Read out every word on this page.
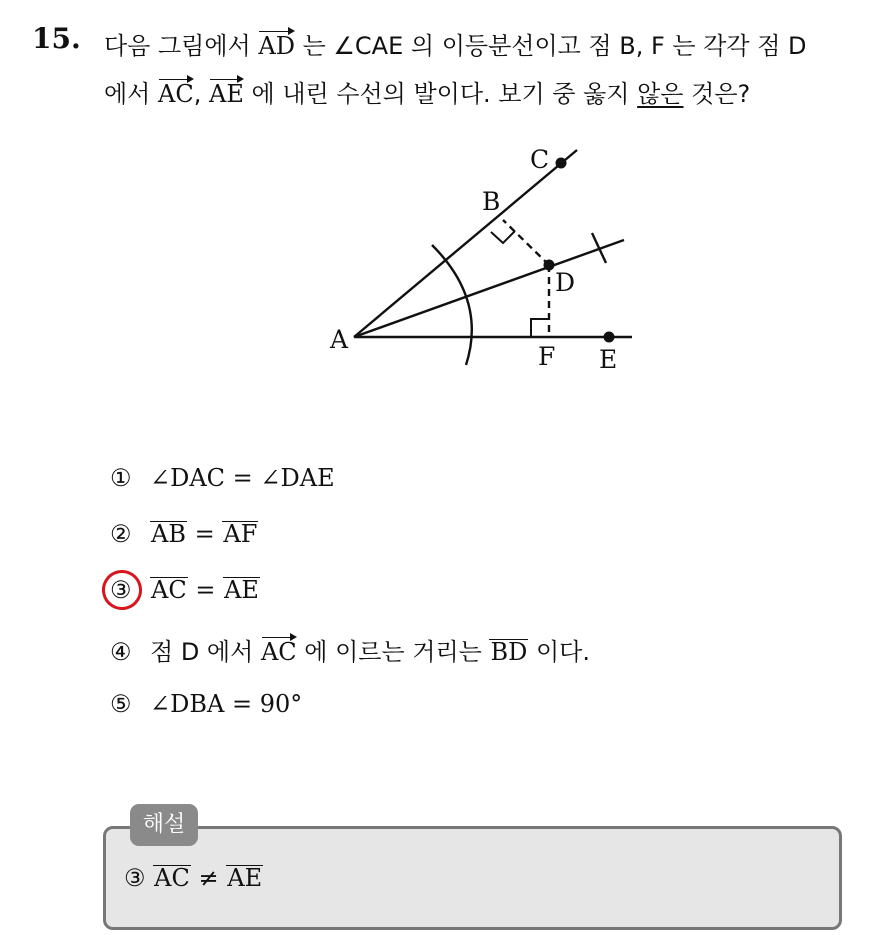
15. 다음 그림에서 AD 는 ∠CAE 의 이등분선이고 점 B, F 는 각각 점 D
에서 AC, AE 에 내린 수선의 발이다. 보기 중 옳지 않은 것은?
A
B
C
D
E
F
① ∠DAC = ∠DAE
② AB = AF
③ AC = AE
④ 점 D 에서 AC 에 이르는 거리는 BD 이다.
⑤ ∠DBA = 90°
해설
③ AC ≠ AE
